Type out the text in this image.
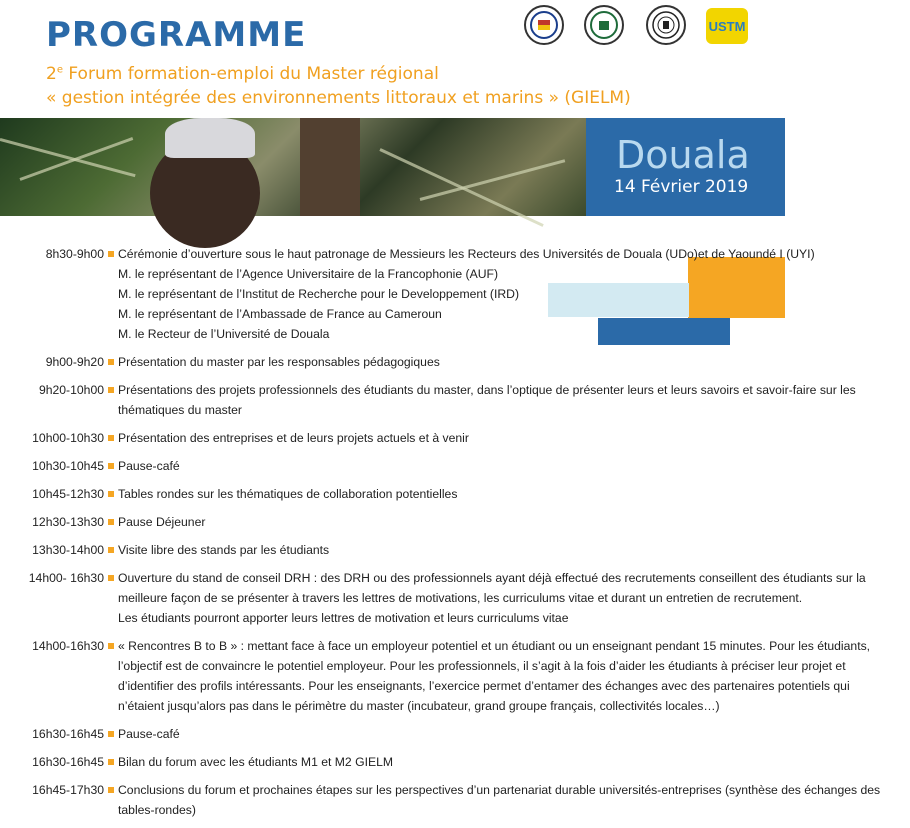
PROGRAMME
2e Forum formation-emploi du Master régional
« gestion intégrée des environnements littoraux et marins » (GIELM)
USTM
Douala
14 Février 2019
8h30-9h00 Cérémonie d’ouverture sous le haut patronage de Messieurs les Recteurs des Universités de Douala (UDo)et de Yaoundé I (UYI)
M. le représentant de l’Agence Universitaire de la Francophonie (AUF)
M. le représentant de l’Institut de Recherche pour le Developpement (IRD)
M. le représentant de l’Ambassade de France au Cameroun
M. le Recteur de l’Université de Douala
9h00-9h20 Présentation du master par les responsables pédagogiques
9h20-10h00 Présentations des projets professionnels des étudiants du master, dans l’optique de présenter leurs et leurs savoirs et savoir-faire sur les
thématiques du master
10h00-10h30 Présentation des entreprises et de leurs projets actuels et à venir
10h30-10h45 Pause-café
10h45-12h30 Tables rondes sur les thématiques de collaboration potentielles
12h30-13h30 Pause Déjeuner
13h30-14h00 Visite libre des stands par les étudiants
14h00- 16h30 Ouverture du stand de conseil DRH : des DRH ou des professionnels ayant déjà effectué des recrutements conseillent des étudiants sur la
meilleure façon de se présenter à travers les lettres de motivations, les curriculums vitae et durant un entretien de recrutement.
Les étudiants pourront apporter leurs lettres de motivation et leurs curriculums vitae
14h00-16h30 « Rencontres B to B » : mettant face à face un employeur potentiel et un étudiant ou un enseignant pendant 15 minutes. Pour les étudiants,
l’objectif est de convaincre le potentiel employeur. Pour les professionnels, il s’agit à la fois d’aider les étudiants à préciser leur projet et
d’identifier des profils intéressants. Pour les enseignants, l’exercice permet d’entamer des échanges avec des partenaires potentiels qui
n’étaient jusqu’alors pas dans le périmètre du master (incubateur, grand groupe français, collectivités locales…)
16h30-16h45 Pause-café
16h30-16h45 Bilan du forum avec les étudiants M1 et M2 GIELM
16h45-17h30 Conclusions du forum et prochaines étapes sur les perspectives d’un partenariat durable universités-entreprises (synthèse des échanges des
tables-rondes)
